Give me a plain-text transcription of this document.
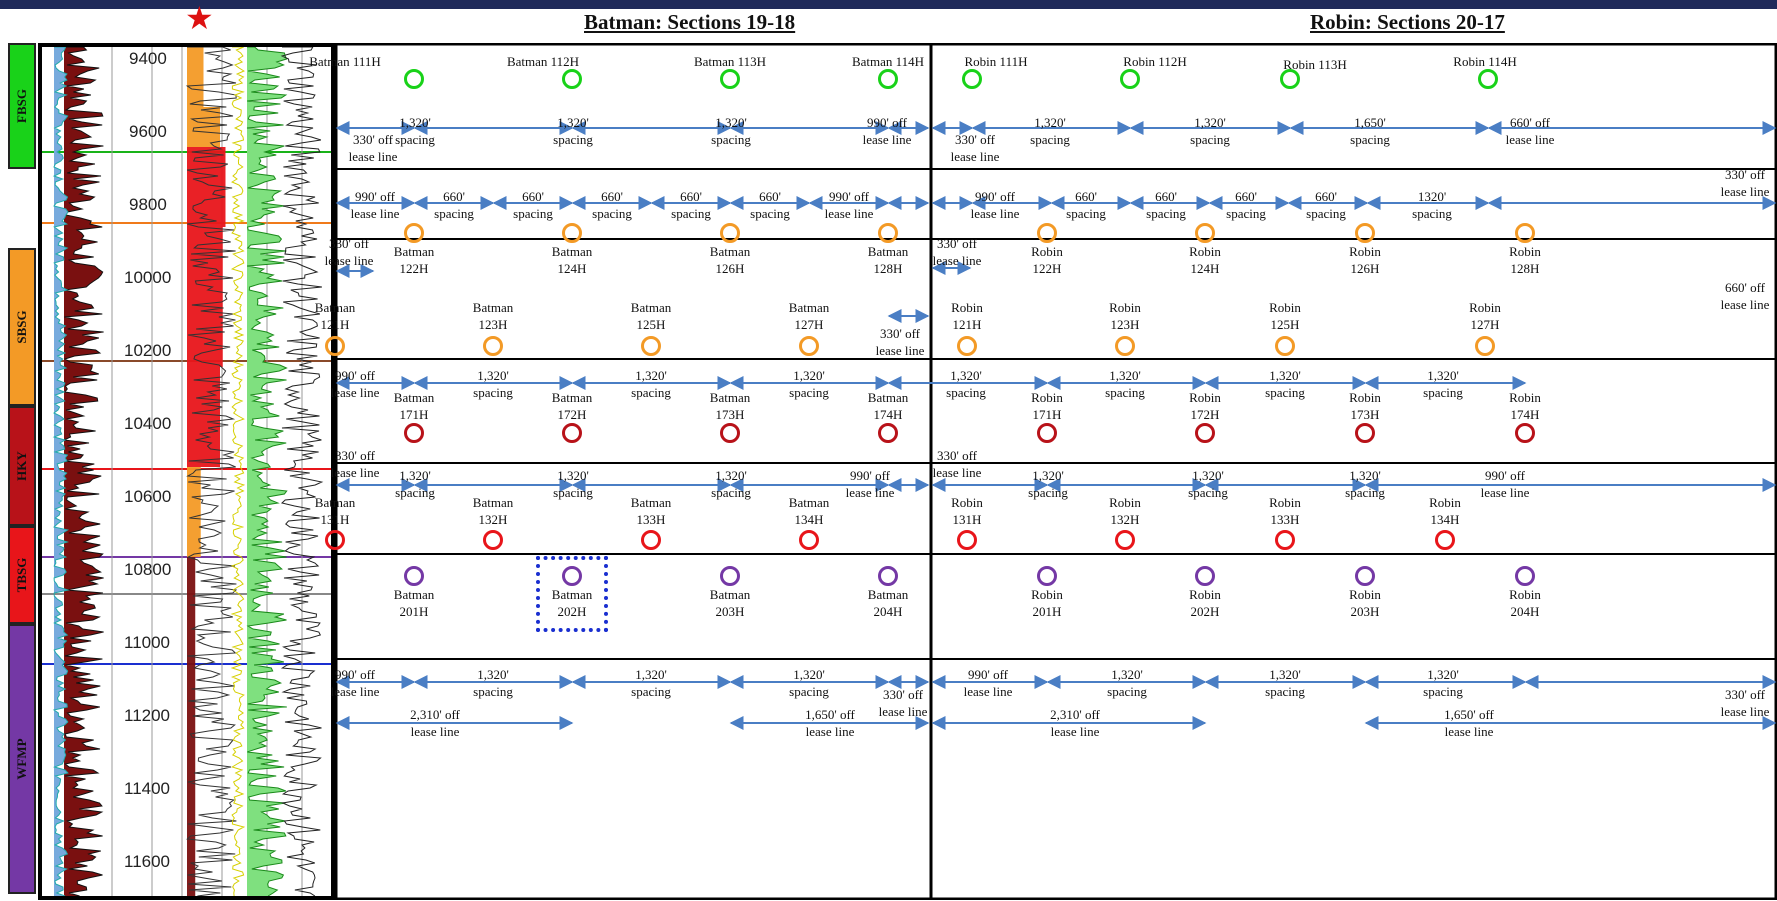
Batman: Sections 19-18	Robin: Sections 20-17
★
FBSG
SBSG
HKY
TBSG
WFMP
9400
9600
9800
10000
10200
10400
10600
10800
11000
11200
11400
11600
Batman 111H	Batman 112H	Batman 113H	Batman 114H	Robin 111H	Robin 112H	Robin 113H	Robin 114H
330' off
lease line
1,320'
spacing
1,320'
spacing
1,320'
spacing
990' off
lease line	330' off
lease line
1,320'
spacing
1,320'
spacing
1,650'
spacing
660' off
lease line
990' off
lease line
660'
spacing
660'
spacing
660'
spacing
660'
spacing
660'
spacing
990' off
lease line
990' off
lease line
660'
spacing
660'
spacing
660'
spacing
660'
spacing
1320'
spacing
330' off
lease line
Batman
122H
Batman
124H
Batman
126H
Batman
128H
Robin
122H
Robin
124H
Robin
126H
Robin
128H
Batman
121H
Batman
123H
Batman
125H
Batman
127H
Robin
121H
Robin
123H
Robin
125H
Robin
127H
330' off
lease line
330' off
lease line
660' off
lease line
330' off
lease line
990' off
lease line
1,320'
spacing
1,320'
spacing
1,320'
spacing
1,320'
spacing
1,320'
spacing
1,320'
spacing
1,320'
spacing
Batman
171H
Batman
172H
Batman
173H
Batman
174H
Robin
171H
Robin
172H
Robin
173H
Robin
174H
330' off
lease line	1,320'
spacing
1,320'
spacing
1,320'
spacing
990' off
lease line
330' off
lease line	1,320'
spacing
1,320'
spacing
1,320'
spacing
990' off
lease line
Batman
131H
Batman
132H
Batman
133H
Batman
134H
Robin
131H
Robin
132H
Robin
133H
Robin
134H
Batman
201H
Batman
202H
Batman
203H
Batman
204H
Robin
201H
Robin
202H
Robin
203H
Robin
204H
990' off
lease line
1,320'
spacing
1,320'
spacing
1,320'
spacing	330' off
lease line
990' off
lease line
1,320'
spacing
1,320'
spacing
1,320'
spacing	330' off
lease line
2,310' off
lease line
1,650' off
lease line
2,310' off
lease line
1,650' off
lease line
